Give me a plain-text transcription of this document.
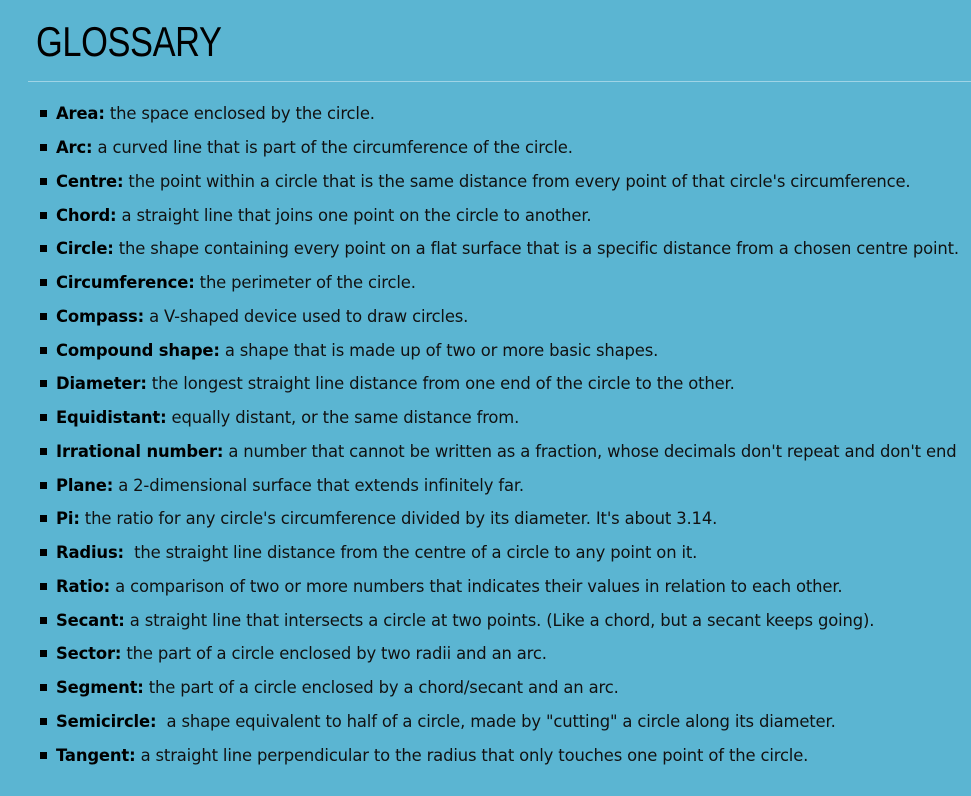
GLOSSARY
Area: the space enclosed by the circle.
Arc: a curved line that is part of the circumference of the circle.
Centre: the point within a circle that is the same distance from every point of that circle's circumference.
Chord: a straight line that joins one point on the circle to another.
Circle: the shape containing every point on a flat surface that is a specific distance from a chosen centre point.
Circumference: the perimeter of the circle.
Compass: a V-shaped device used to draw circles.
Compound shape: a shape that is made up of two or more basic shapes.
Diameter: the longest straight line distance from one end of the circle to the other.
Equidistant: equally distant, or the same distance from.
Irrational number: a number that cannot be written as a fraction, whose decimals don't repeat and don't end
Plane: a 2-dimensional surface that extends infinitely far.
Pi: the ratio for any circle's circumference divided by its diameter. It's about 3.14.
Radius: the straight line distance from the centre of a circle to any point on it.
Ratio: a comparison of two or more numbers that indicates their values in relation to each other.
Secant: a straight line that intersects a circle at two points. (Like a chord, but a secant keeps going).
Sector: the part of a circle enclosed by two radii and an arc.
Segment: the part of a circle enclosed by a chord/secant and an arc.
Semicircle: a shape equivalent to half of a circle, made by "cutting" a circle along its diameter.
Tangent: a straight line perpendicular to the radius that only touches one point of the circle.
